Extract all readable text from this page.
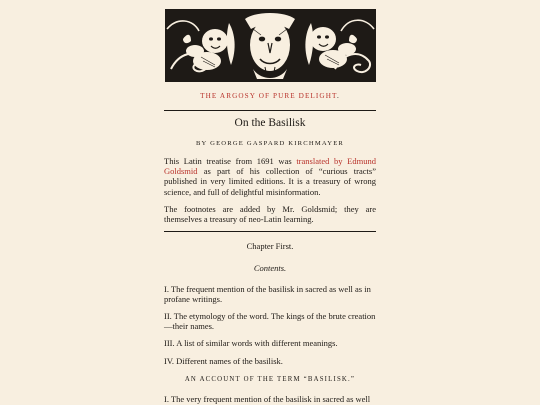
THE ARGOSY OF PURE DELIGHT.
On the Basilisk
BY GEORGE GASPARD KIRCHMAYER

This Latin treatise from 1691 was translated by Edmund Goldsmid as part of his collection of “curious tracts” published in very limited editions. It is a treasury of wrong science, and full of delightful misinformation.

The footnotes are added by Mr. Goldsmid; they are themselves a treasury of neo-Latin learning.

Chapter First.
Contents.
I. The frequent mention of the basilisk in sacred as well as in profane writings.
II. The etymology of the word. The kings of the brute creation—their names.
III. A list of similar words with different meanings.
IV. Different names of the basilisk.
AN ACCOUNT OF THE TERM “BASILISK.”
I. The very frequent mention of the basilisk in sacred as well
